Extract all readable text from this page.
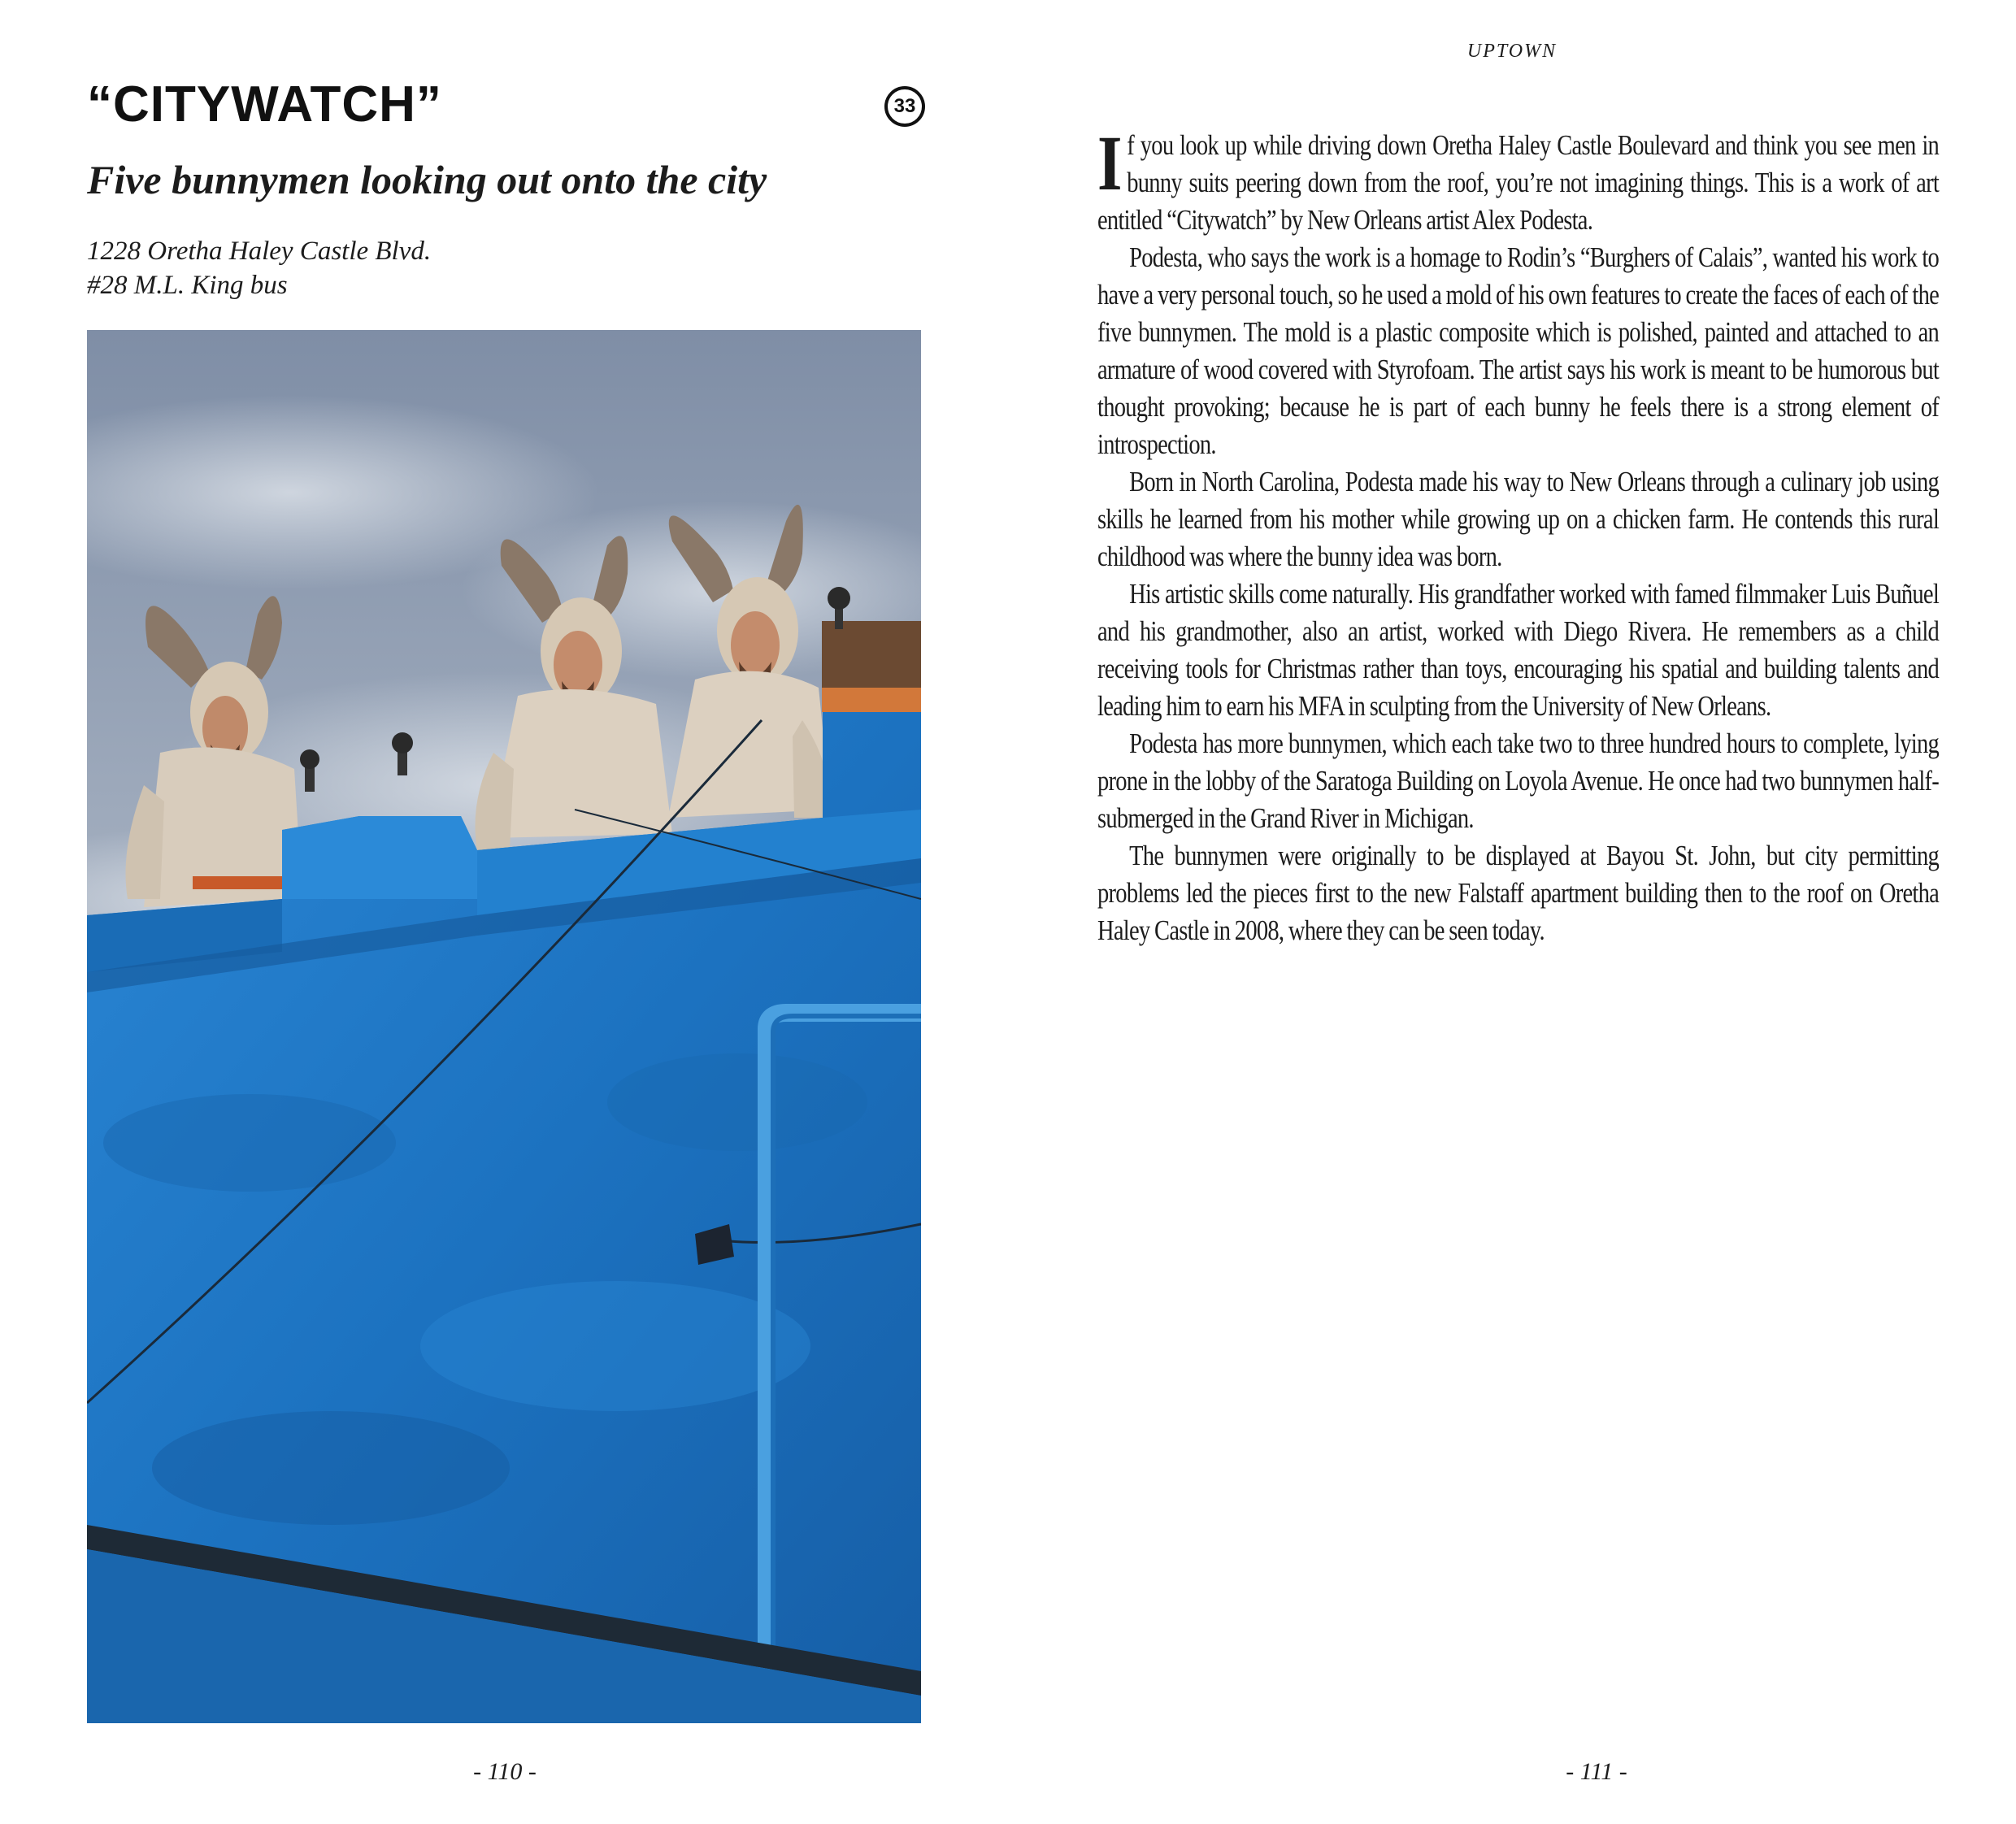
“CITYWATCH”	33
Five bunnymen looking out onto the city
1228 Oretha Haley Castle Blvd.
#28 M.L. King bus
- 110 -
UPTOWN

If you look up while driving down Oretha Haley Castle Boulevard and think you see men in bunny suits peering down from the roof, you’re not imagining things. This is a work of art entitled “Citywatch” by New Orleans artist Alex Podesta.

Podesta, who says the work is a homage to Rodin’s “Burghers of Calais”, wanted his work to have a very personal touch, so he used a mold of his own features to create the faces of each of the five bunnymen. The mold is a plastic composite which is polished, painted and attached to an armature of wood covered with Styrofoam. The artist says his work is meant to be humorous but thought provoking; because he is part of each bunny he feels there is a strong element of introspection.

Born in North Carolina, Podesta made his way to New Orleans through a culinary job using skills he learned from his mother while growing up on a chicken farm. He contends this rural childhood was where the bunny idea was born.

His artistic skills come naturally. His grandfather worked with famed filmmaker Luis Buñuel and his grandmother, also an artist, worked with Diego Rivera. He remembers as a child receiving tools for Christmas rather than toys, encouraging his spatial and building talents and leading him to earn his MFA in sculpting from the University of New Orleans.

Podesta has more bunnymen, which each take two to three hundred hours to complete, lying prone in the lobby of the Saratoga Building on Loyola Avenue. He once had two bunnymen half-submerged in the Grand River in Michigan.

The bunnymen were originally to be displayed at Bayou St. John, but city permitting problems led the pieces first to the new Falstaff apartment building then to the roof on Oretha Haley Castle in 2008, where they can be seen today.

- 111 -
